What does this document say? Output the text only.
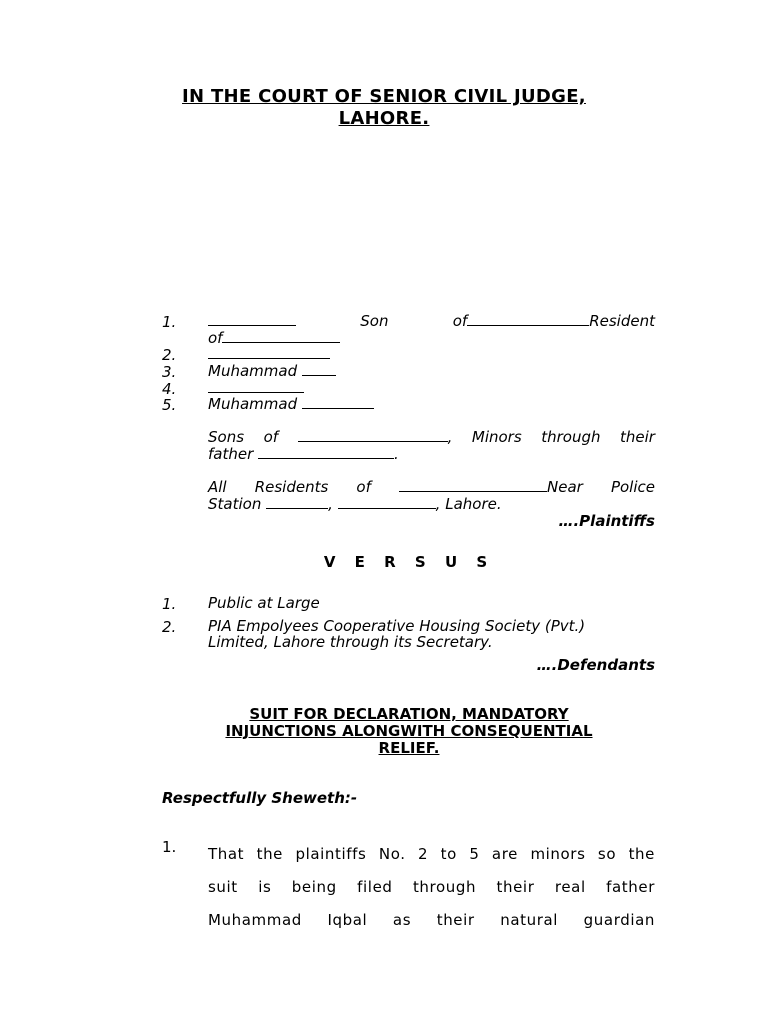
IN THE COURT OF SENIOR CIVIL JUDGE,
LAHORE.
1.	Son	of	Resident
of
2.
3. Muhammad
4.
5. Muhammad
Sons of	, Minors through their
father	.
All Residents of	Near Police
Station	,	, Lahore.
….Plaintiffs
V E R S U S
1. Public at Large
2. PIA Empolyees Cooperative Housing Society (Pvt.)
Limited, Lahore through its Secretary.
….Defendants
SUIT FOR DECLARATION, MANDATORY
INJUNCTIONS ALONGWITH CONSEQUENTIAL
RELIEF.
Respectfully Sheweth:-
1. That the plaintiffs No. 2 to 5 are minors so the
suit is being filed through their real father
Muhammad Iqbal as their natural guardian
